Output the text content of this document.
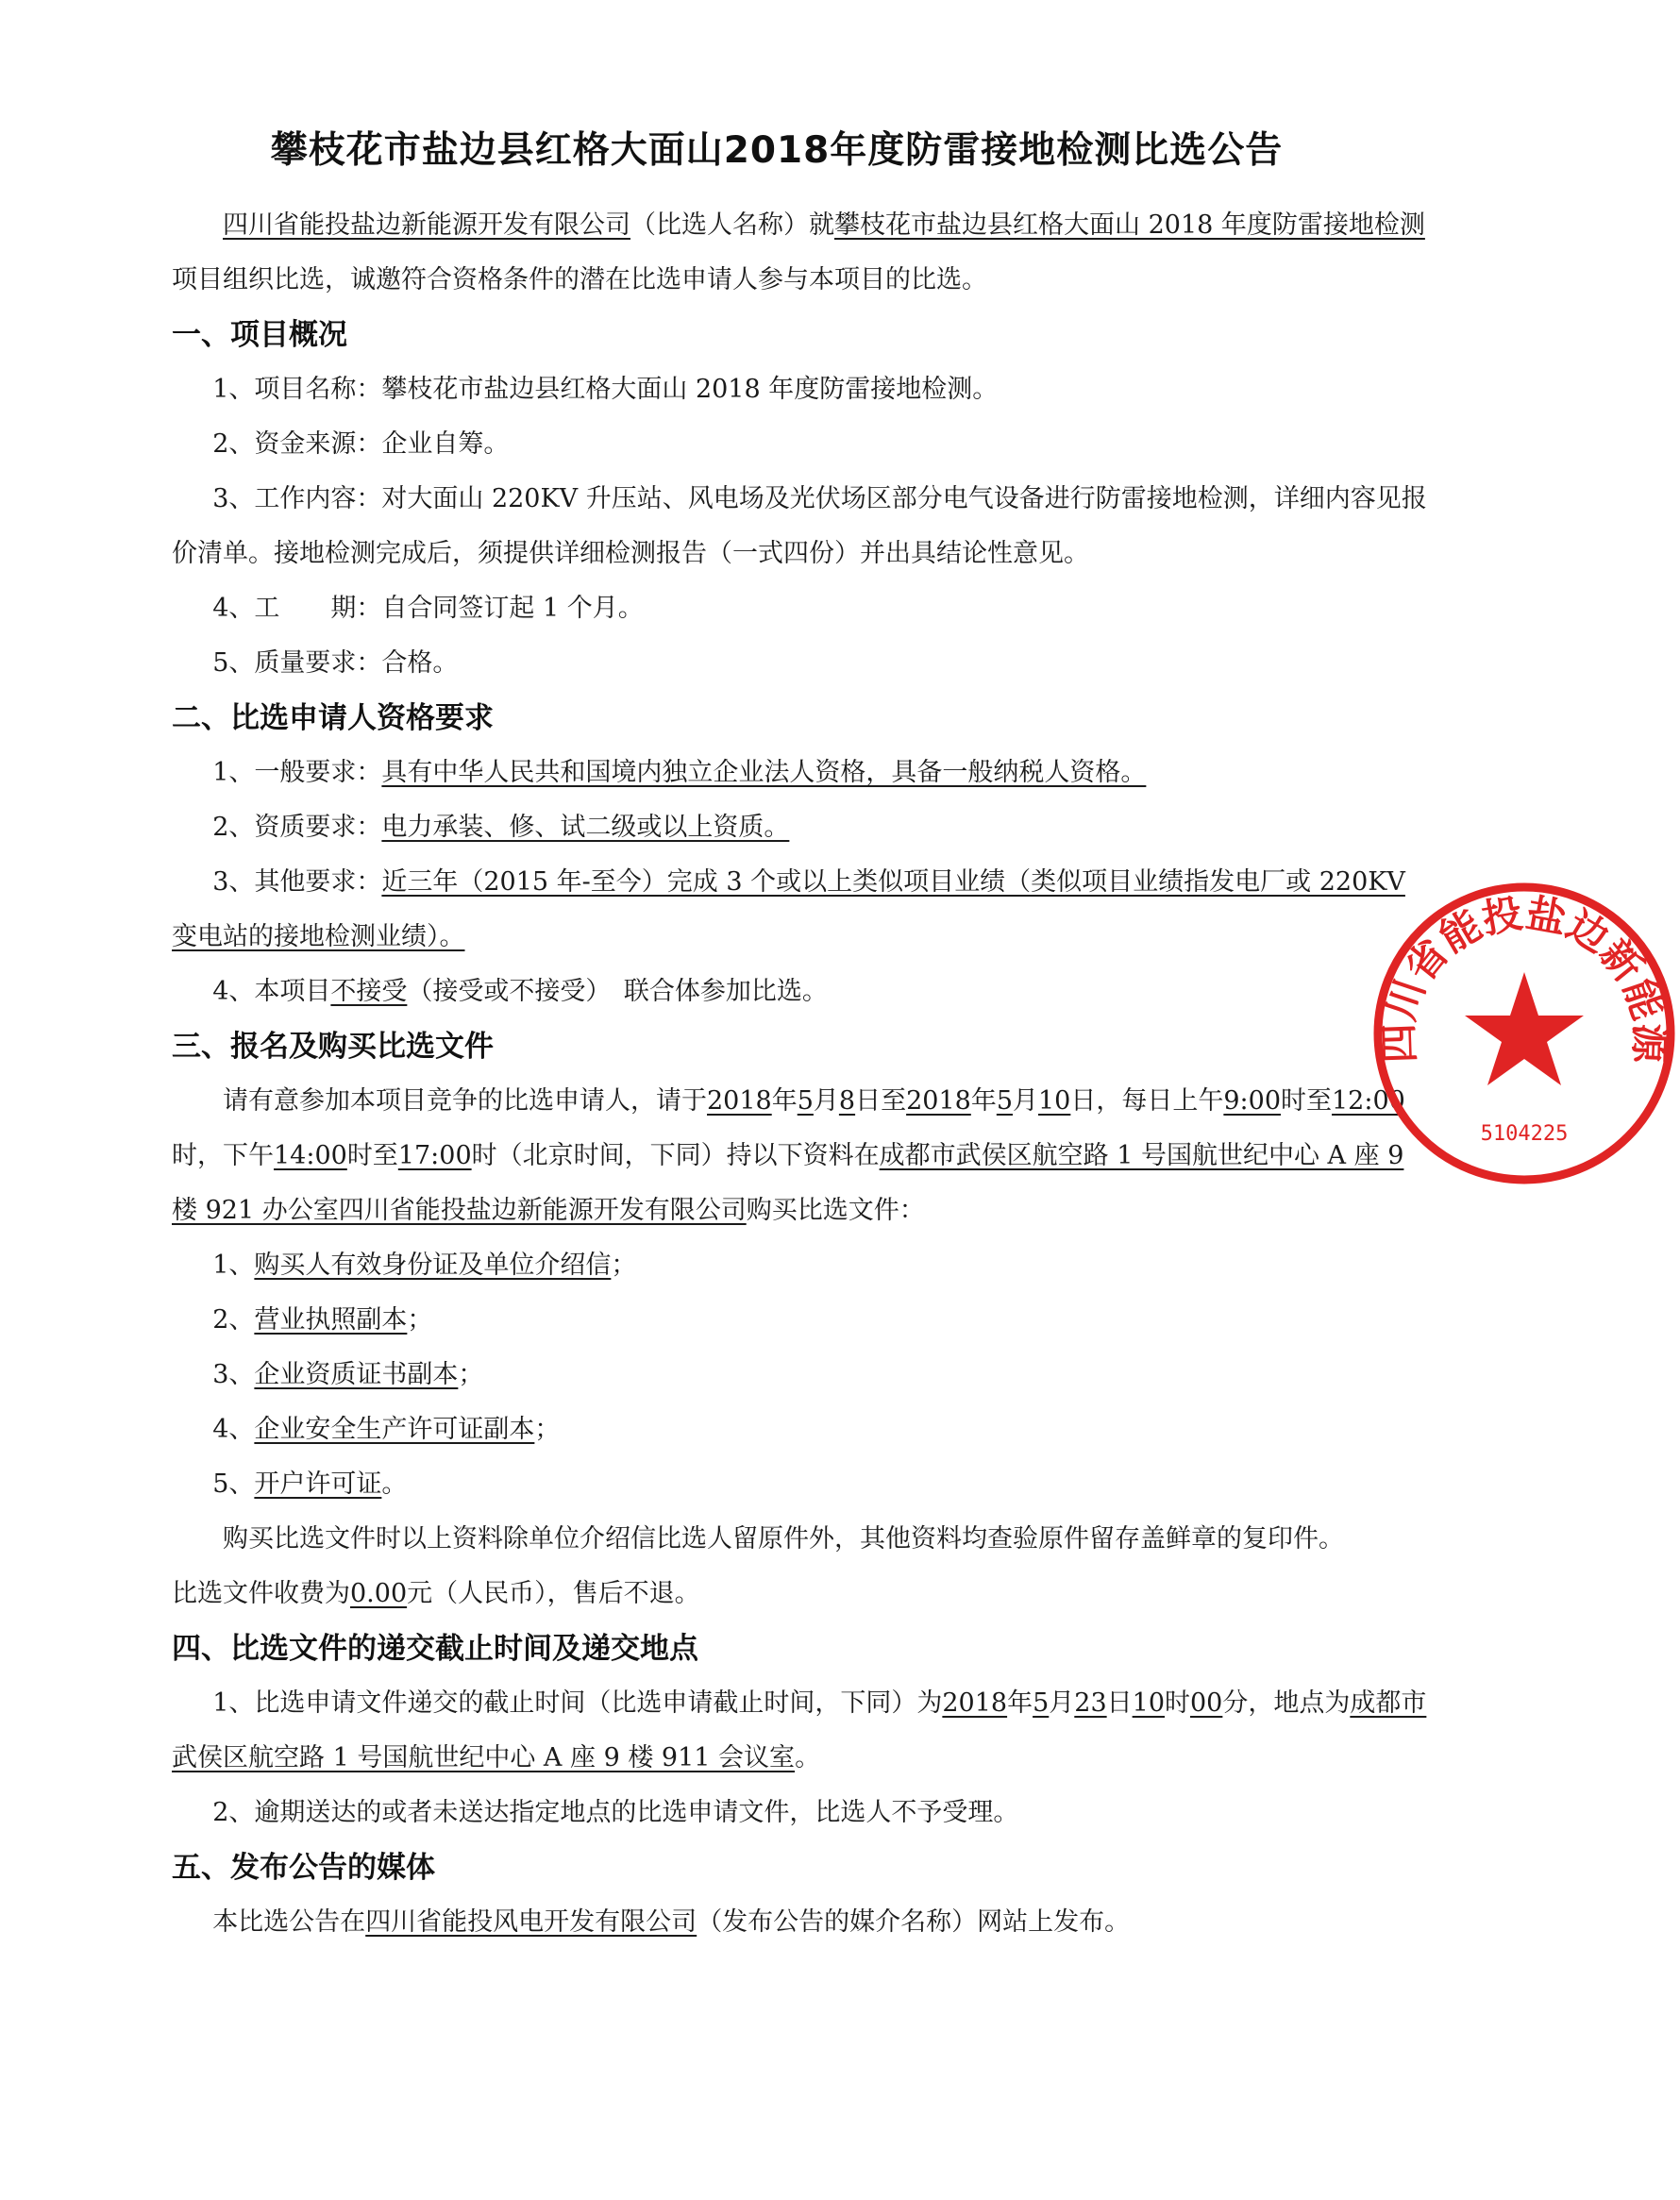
攀枝花市盐边县红格大面山2018年度防雷接地检测比选公告

四川省能投盐边新能源开发有限公司（比选人名称）就攀枝花市盐边县红格大面山 2018 年度防雷接地检测项目组织比选，诚邀符合资格条件的潜在比选申请人参与本项目的比选。

一、项目概况

1、项目名称：攀枝花市盐边县红格大面山 2018 年度防雷接地检测。

2、资金来源：企业自筹。

3、工作内容：对大面山 220KV 升压站、风电场及光伏场区部分电气设备进行防雷接地检测，详细内容见报价清单。接地检测完成后，须提供详细检测报告（一式四份）并出具结论性意见。

4、工　　期：自合同签订起 1 个月。

5、质量要求：合格。

二、比选申请人资格要求

1、一般要求：具有中华人民共和国境内独立企业法人资格，具备一般纳税人资格。

2、资质要求：电力承装、修、试二级或以上资质。

3、其他要求：近三年（2015 年-至今）完成 3 个或以上类似项目业绩（类似项目业绩指发电厂或 220KV 变电站的接地检测业绩）。

4、本项目不接受（接受或不接受）　联合体参加比选。

三、报名及购买比选文件

请有意参加本项目竞争的比选申请人，请于2018年5月8日至2018年5月10日，每日上午9:00时至12:00时，下午14:00时至17:00时（北京时间，下同）持以下资料在成都市武侯区航空路 1 号国航世纪中心 A 座 9 楼 921 办公室四川省能投盐边新能源开发有限公司购买比选文件：

1、购买人有效身份证及单位介绍信；

2、营业执照副本；

3、企业资质证书副本；

4、企业安全生产许可证副本；

5、开户许可证。

购买比选文件时以上资料除单位介绍信比选人留原件外，其他资料均查验原件留存盖鲜章的复印件。

比选文件收费为0.00元（人民币），售后不退。

四、比选文件的递交截止时间及递交地点

1、比选申请文件递交的截止时间（比选申请截止时间，下同）为2018年5月23日10时00分，地点为成都市武侯区航空路 1 号国航世纪中心 A 座 9 楼 911 会议室。

2、逾期送达的或者未送达指定地点的比选申请文件，比选人不予受理。

五、发布公告的媒体

本比选公告在四川省能投风电开发有限公司（发布公告的媒介名称）网站上发布。

四川省能投盐边新能源
5104225
